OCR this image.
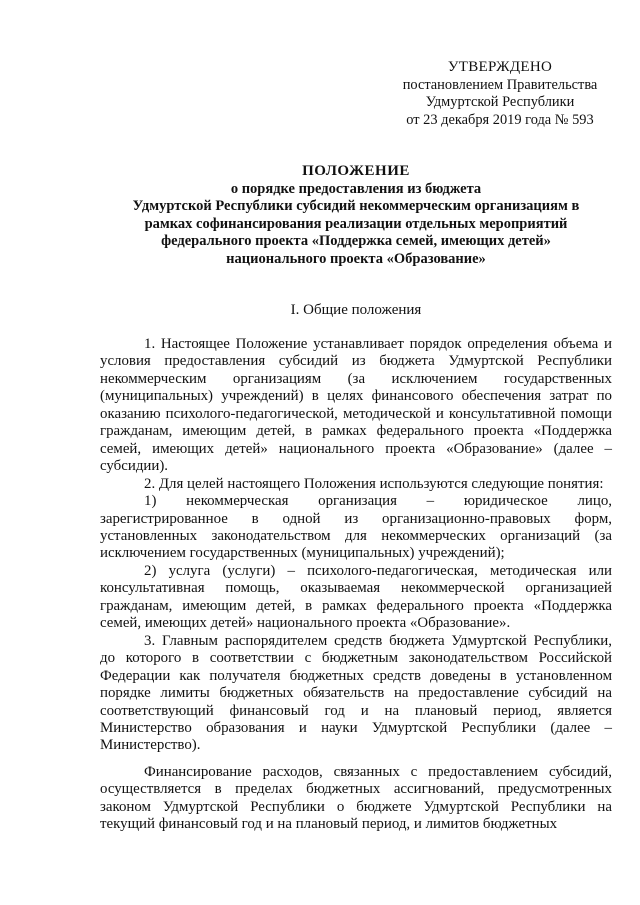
УТВЕРЖДЕНО
постановлением Правительства
Удмуртской Республики
от 23 декабря 2019 года № 593
ПОЛОЖЕНИЕ
о порядке предоставления из бюджета
Удмуртской Республики субсидий некоммерческим организациям в
рамках софинансирования реализации отдельных мероприятий
федерального проекта «Поддержка семей, имеющих детей»
национального проекта «Образование»
I. Общие положения

1. Настоящее Положение устанавливает порядок определения объема и условия предоставления субсидий из бюджета Удмуртской Республики некоммерческим организациям (за исключением государственных (муниципальных) учреждений) в целях финансового обеспечения затрат по оказанию психолого-педагогической, методической и консультативной помощи гражданам, имеющим детей, в рамках федерального проекта «Поддержка семей, имеющих детей» национального проекта «Образование» (далее – субсидии).

2. Для целей настоящего Положения используются следующие понятия:

1) некоммерческая организация – юридическое лицо, зарегистрированное в одной из организационно-правовых форм, установленных законодательством для некоммерческих организаций (за исключением государственных (муниципальных) учреждений);

2) услуга (услуги) – психолого-педагогическая, методическая или консультативная помощь, оказываемая некоммерческой организацией гражданам, имеющим детей, в рамках федерального проекта «Поддержка семей, имеющих детей» национального проекта «Образование».

3. Главным распорядителем средств бюджета Удмуртской Республики, до которого в соответствии с бюджетным законодательством Российской Федерации как получателя бюджетных средств доведены в установленном порядке лимиты бюджетных обязательств на предоставление субсидий на соответствующий финансовый год и на плановый период, является Министерство образования и науки Удмуртской Республики (далее – Министерство).

Финансирование расходов, связанных с предоставлением субсидий, осуществляется в пределах бюджетных ассигнований, предусмотренных законом Удмуртской Республики о бюджете Удмуртской Республики на текущий финансовый год и на плановый период, и лимитов бюджетных
